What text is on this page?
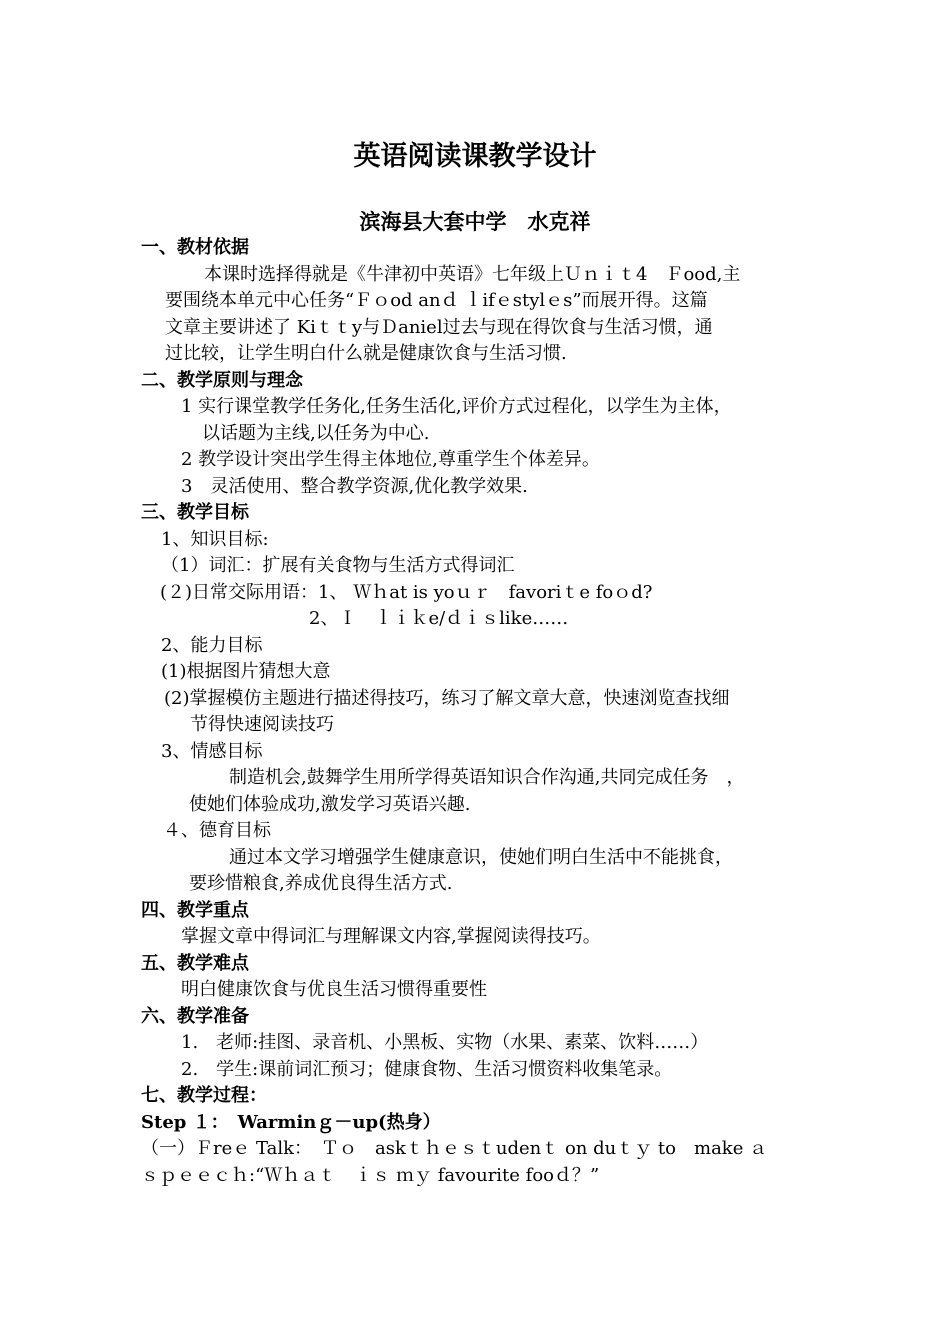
英语阅读课教学设计
滨海县大套中学　水克祥
一、教材依据
本课时选择得就是《牛津初中英语》七年级上Ｕｎｉｔ4　Ｆood,主
要围绕本单元中心任务“Ｆｏod anｄ ｌifｅstylｅs”而展开得。这篇
文章主要讲述了 Kiｔｔy与Ｄaniel过去与现在得饮食与生活习惯，通
过比较，让学生明白什么就是健康饮食与生活习惯.
二、教学原则与理念
1 实行课堂教学任务化,任务生活化,评价方式过程化，以学生为主体，
以话题为主线,以任务为中心.
2 教学设计突出学生得主体地位,尊重学生个体差异。
3　灵活使用、整合教学资源,优化教学效果.
三、教学目标
1、知识目标:
（1）词汇：扩展有关食物与生活方式得词汇
(２)日常交际用语：1、 Ｗｈat is yoｕｒ　favoriｔe foｏd?
2、Ｉ　ｌｉｋe/ｄｉｓlike……
2、能力目标
(1)根据图片猜想大意
(2)掌握模仿主题进行描述得技巧，练习了解文章大意，快速浏览查找细
节得快速阅读技巧
3、情感目标
制造机会,鼓舞学生用所学得英语知识合作沟通,共同完成任务　，
使她们体验成功,激发学习英语兴趣.
４、德育目标
通过本文学习增强学生健康意识，使她们明白生活中不能挑食，
要珍惜粮食,养成优良得生活方式.
四、教学重点
掌握文章中得词汇与理解课文内容,掌握阅读得技巧。
五、教学难点
明白健康饮食与优良生活习惯得重要性
六、教学准备
1.　老师:挂图、录音机、小黑板、实物（水果、素菜、饮料……）
2.　学生:课前词汇预习；健康食物、生活习惯资料收集笔录。
七、教学过程：
Step １：　Warminｇ－up(热身）
（一）Ｆreｅ Talk：　Ｔｏ　askｔｈｅｓｔudenｔ on duｔｙ to　make ａ
ｓｐｅｅｃｈ:“Ｗｈａｔ　ｉｓ ｍｙ favourite fooｄ？”
